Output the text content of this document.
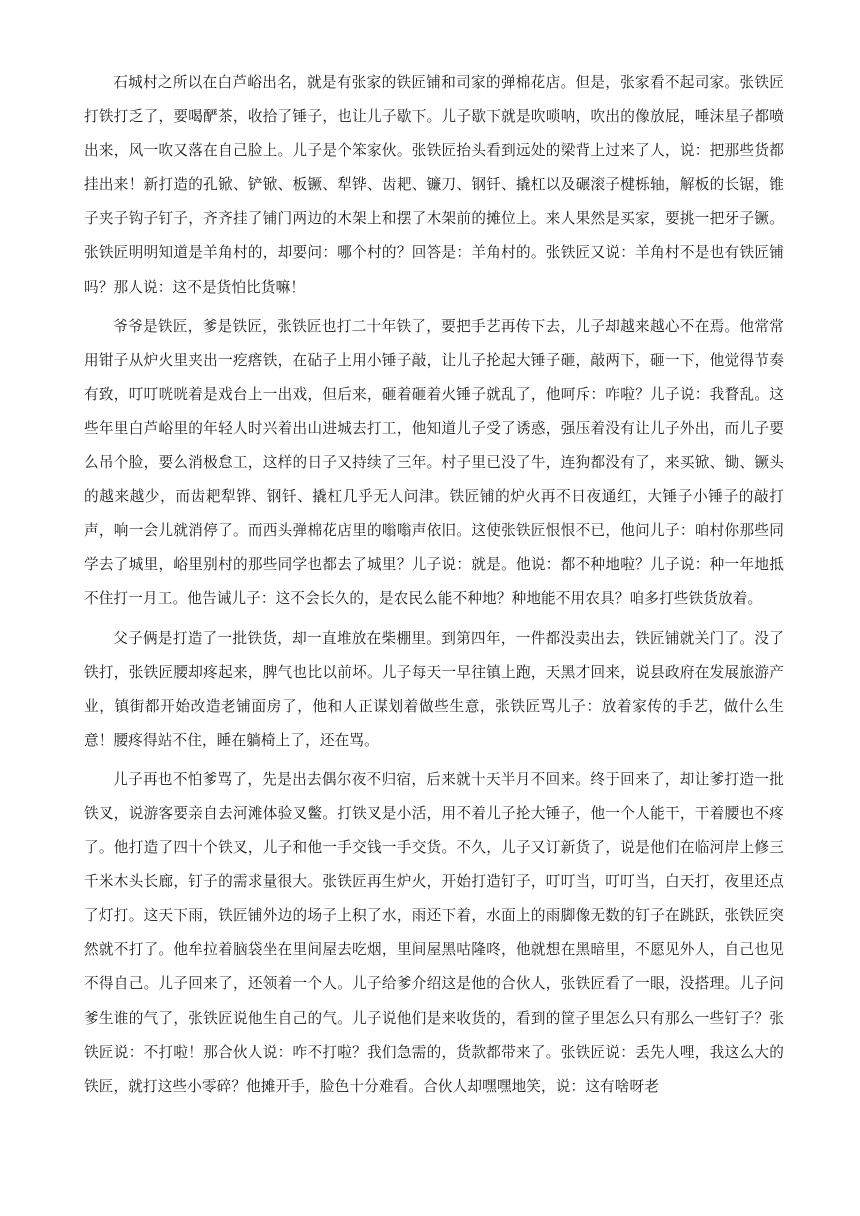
石城村之所以在白芦峪出名，就是有张家的铁匠铺和司家的弹棉花店。但是，张家看不起司家。张铁匠打铁打乏了，要喝酽茶，收拾了锤子，也让儿子歇下。儿子歇下就是吹唢呐，吹出的像放屁，唾沫星子都喷出来，风一吹又落在自己脸上。儿子是个笨家伙。张铁匠抬头看到远处的梁背上过来了人，说：把那些货都挂出来！新打造的孔锨、铲锨、板镢、犁铧、齿耙、镰刀、钢钎、撬杠以及碾滚子楗栎轴，解板的长锯，锥子夹子钩子钉子，齐齐挂了铺门两边的木架上和摆了木架前的摊位上。来人果然是买家，要挑一把牙子镢。张铁匠明明知道是羊角村的，却要问：哪个村的？回答是：羊角村的。张铁匠又说：羊角村不是也有铁匠铺吗？那人说：这不是货怕比货嘛！

爷爷是铁匠，爹是铁匠，张铁匠也打二十年铁了，要把手艺再传下去，儿子却越来越心不在焉。他常常用钳子从炉火里夹出一疙瘩铁，在砧子上用小锤子敲，让儿子抡起大锤子砸，敲两下，砸一下，他觉得节奏有致，叮叮咣咣着是戏台上一出戏，但后来，砸着砸着火锤子就乱了，他呵斥：咋啦？儿子说：我瞀乱。这些年里白芦峪里的年轻人时兴着出山进城去打工，他知道儿子受了诱惑，强压着没有让儿子外出，而儿子要么吊个脸，要么消极怠工，这样的日子又持续了三年。村子里已没了牛，连狗都没有了，来买锨、锄、镢头的越来越少，而齿耙犁铧、钢钎、撬杠几乎无人问津。铁匠铺的炉火再不日夜通红，大锤子小锤子的敲打声，响一会儿就消停了。而西头弹棉花店里的嗡嗡声依旧。这使张铁匠恨恨不已，他问儿子：咱村你那些同学去了城里，峪里别村的那些同学也都去了城里？儿子说：就是。他说：都不种地啦？儿子说：种一年地抵不住打一月工。他告诫儿子：这不会长久的，是农民么能不种地？种地能不用农具？咱多打些铁货放着。

父子俩是打造了一批铁货，却一直堆放在柴棚里。到第四年，一件都没卖出去，铁匠铺就关门了。没了铁打，张铁匠腰却疼起来，脾气也比以前坏。儿子每天一早往镇上跑，天黑才回来，说县政府在发展旅游产业，镇街都开始改造老铺面房了，他和人正谋划着做些生意，张铁匠骂儿子：放着家传的手艺，做什么生意！腰疼得站不住，睡在躺椅上了，还在骂。

儿子再也不怕爹骂了，先是出去偶尔夜不归宿，后来就十天半月不回来。终于回来了，却让爹打造一批铁叉，说游客要亲自去河滩体验叉鳖。打铁叉是小活，用不着儿子抡大锤子，他一个人能干，干着腰也不疼了。他打造了四十个铁叉，儿子和他一手交钱一手交货。不久，儿子又订新货了，说是他们在临河岸上修三千米木头长廊，钉子的需求量很大。张铁匠再生炉火，开始打造钉子，叮叮当，叮叮当，白天打，夜里还点了灯打。这天下雨，铁匠铺外边的场子上积了水，雨还下着，水面上的雨脚像无数的钉子在跳跃，张铁匠突然就不打了。他牟拉着脑袋坐在里间屋去吃烟，里间屋黑咕隆咚，他就想在黑暗里，不愿见外人，自己也见不得自己。儿子回来了，还领着一个人。儿子给爹介绍这是他的合伙人，张铁匠看了一眼，没搭理。儿子问爹生谁的气了，张铁匠说他生自己的气。儿子说他们是来收货的，看到的筐子里怎么只有那么一些钉子？张铁匠说：不打啦！那合伙人说：咋不打啦？我们急需的，货款都带来了。张铁匠说：丢先人哩，我这么大的铁匠，就打这些小零碎？他摊开手，脸色十分难看。合伙人却嘿嘿地笑，说：这有啥呀老
